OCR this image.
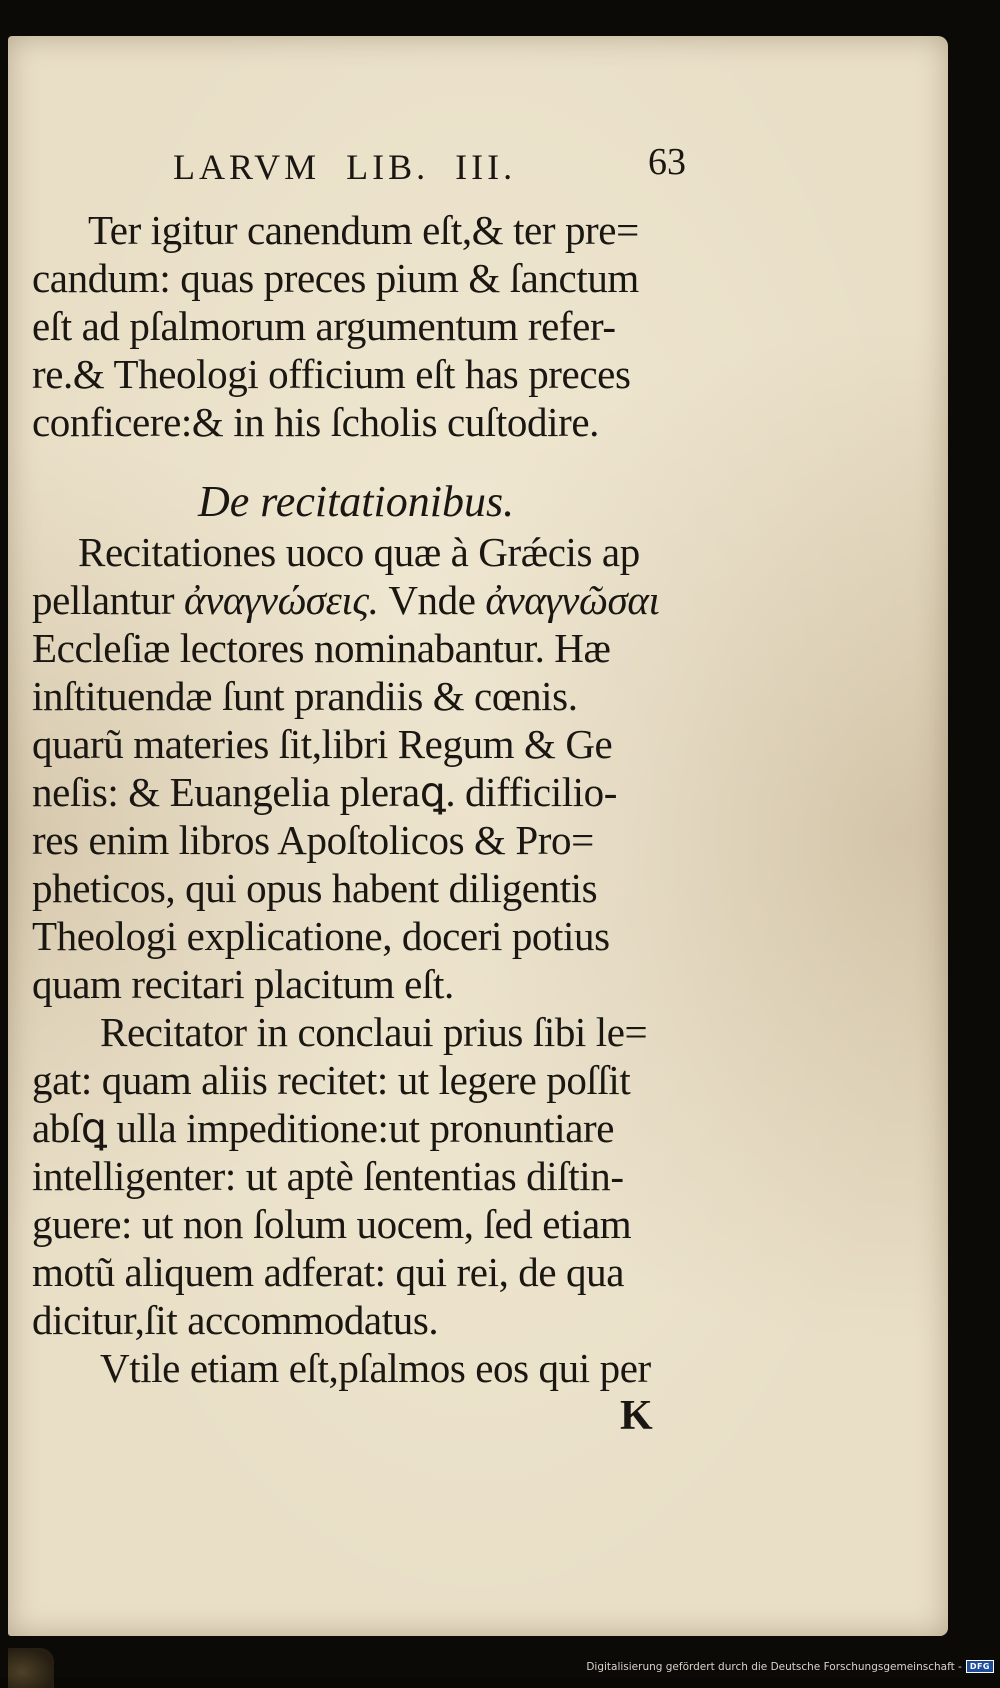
LARVM  LIB.  III.	63
Ter igitur canendum eſt,& ter pre=
candum: quas preces pium & ſanctum
eſt ad pſalmorum argumentum refer-
re.& Theologi officium eſt has preces
conficere:& in his ſcholis cuſtodire.
De recitationibus.
Recitationes uoco quæ à Grǽcis ap
pellantur ἀναγνώσεις. Vnde ἀναγνῶσαι
Eccleſiæ lectores nominabantur. Hæ
inſtituendæ ſunt prandiis & cœnis.
quarũ materies ſit,libri Regum & Ge
neſis: & Euangelia pleraꝗ. difficilio-
res enim libros Apoſtolicos & Pro=
pheticos, qui opus habent diligentis
Theologi explicatione, doceri potius
quam recitari placitum eſt.
Recitator in conclaui prius ſibi le=
gat: quam aliis recitet: ut legere poſſit
abſꝗ ulla impeditione:ut pronuntiare
intelligenter: ut aptè ſententias diſtin-
guere: ut non ſolum uocem, ſed etiam
motũ aliquem adferat: qui rei, de qua
dicitur,ſit accommodatus.
Vtile etiam eſt,pſalmos eos qui per
K
Digitalisierung gefördert durch die Deutsche Forschungsgemeinschaft -	DFG
